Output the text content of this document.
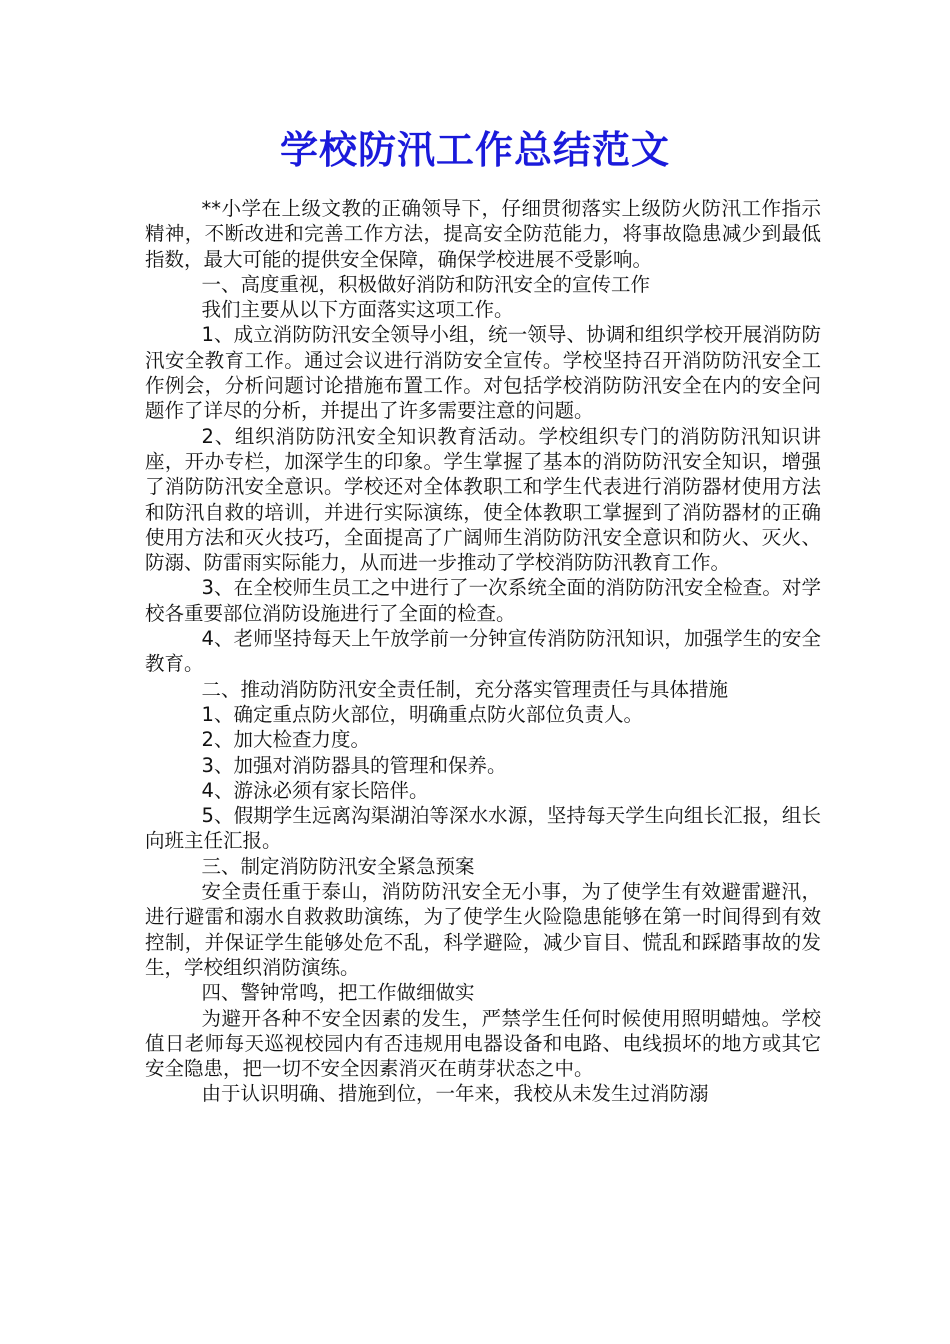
学校防汛工作总结范文

**小学在上级文教的正确领导下，仔细贯彻落实上级防火防汛工作指示精神，不断改进和完善工作方法，提高安全防范能力，将事故隐患减少到最低指数，最大可能的提供安全保障，确保学校进展不受影响。

一、高度重视，积极做好消防和防汛安全的宣传工作

我们主要从以下方面落实这项工作。

1、成立消防防汛安全领导小组，统一领导、协调和组织学校开展消防防汛安全教育工作。通过会议进行消防安全宣传。学校坚持召开消防防汛安全工作例会，分析问题讨论措施布置工作。对包括学校消防防汛安全在内的安全问题作了详尽的分析，并提出了许多需要注意的问题。

2、组织消防防汛安全知识教育活动。学校组织专门的消防防汛知识讲座，开办专栏，加深学生的印象。学生掌握了基本的消防防汛安全知识，增强了消防防汛安全意识。学校还对全体教职工和学生代表进行消防器材使用方法和防汛自救的培训，并进行实际演练，使全体教职工掌握到了消防器材的正确使用方法和灭火技巧，全面提高了广阔师生消防防汛安全意识和防火、灭火、防溺、防雷雨实际能力，从而进一步推动了学校消防防汛教育工作。

3、在全校师生员工之中进行了一次系统全面的消防防汛安全检查。对学校各重要部位消防设施进行了全面的检查。

4、老师坚持每天上午放学前一分钟宣传消防防汛知识，加强学生的安全教育。

二、推动消防防汛安全责任制，充分落实管理责任与具体措施

1、确定重点防火部位，明确重点防火部位负责人。

2、加大检查力度。

3、加强对消防器具的管理和保养。

4、游泳必须有家长陪伴。

5、假期学生远离沟渠湖泊等深水水源，坚持每天学生向组长汇报，组长向班主任汇报。

三、制定消防防汛安全紧急预案

安全责任重于泰山，消防防汛安全无小事，为了使学生有效避雷避汛，进行避雷和溺水自救救助演练，为了使学生火险隐患能够在第一时间得到有效控制，并保证学生能够处危不乱，科学避险，减少盲目、慌乱和踩踏事故的发生，学校组织消防演练。

四、警钟常鸣，把工作做细做实

为避开各种不安全因素的发生，严禁学生任何时候使用照明蜡烛。学校值日老师每天巡视校园内有否违规用电器设备和电路、电线损坏的地方或其它安全隐患，把一切不安全因素消灭在萌芽状态之中。

由于认识明确、措施到位，一年来，我校从未发生过消防溺
